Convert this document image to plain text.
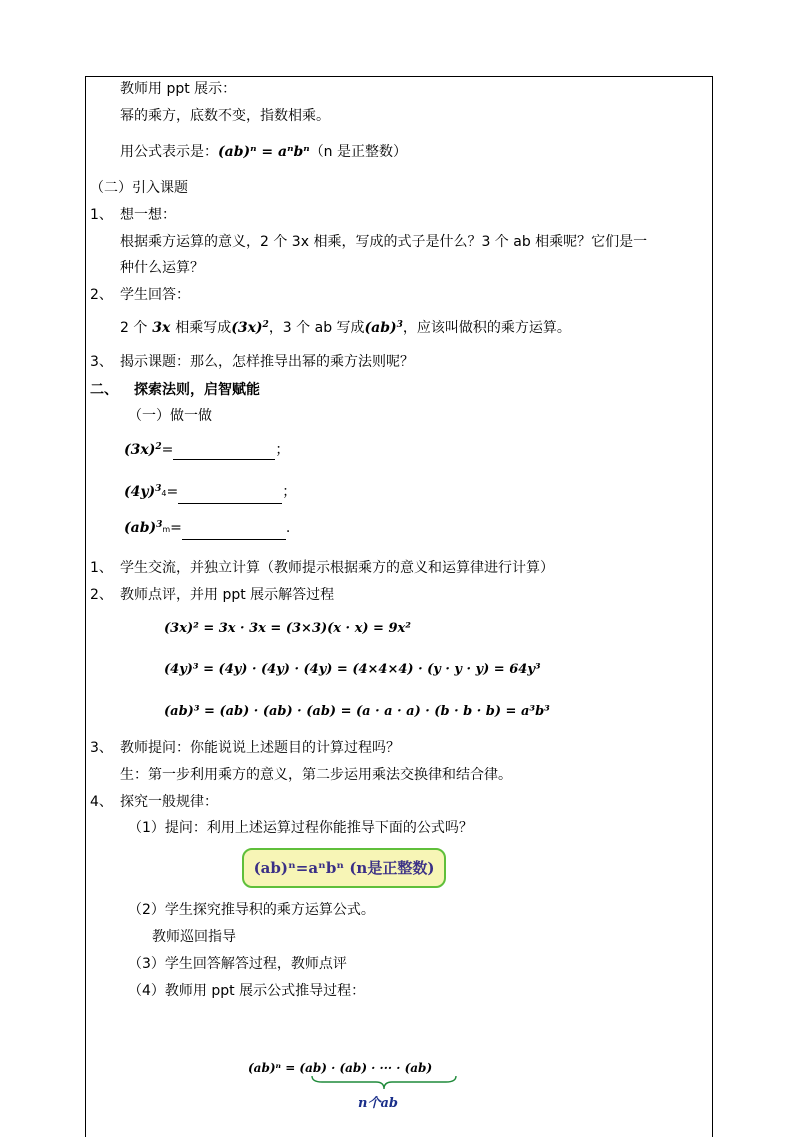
教师用 ppt 展示：
幂的乘方，底数不变，指数相乘。
用公式表示是：(ab)ⁿ = aⁿbⁿ（n 是正整数）
（二）引入课题
1、 想一想：
根据乘方运算的意义，2 个 3x 相乘，写成的式子是什么？3 个 ab 相乘呢？它们是一
种什么运算？
2、 学生回答：
2 个 3x 相乘写成$(3x)^2$，3 个 ab 写成(ab)$^3$，应该叫做积的乘方运算。
3、 揭示课题：那么，怎样推导出幂的乘方法则呢？
二、 探索法则，启智赋能
（一）做一做
$(3x)^2=$	；
$(4y)^34=$	；
(ab)$^3$m=	.
1、 学生交流，并独立计算（教师提示根据乘方的意义和运算律进行计算）
2、 教师点评，并用 ppt 展示解答过程
(3x)² = 3x · 3x = (3×3)(x · x) = 9x²
(4y)³ = (4y) · (4y) · (4y) = (4×4×4) · (y · y · y) = 64y³
(ab)³ = (ab) · (ab) · (ab) = (a · a · a) · (b · b · b) = a³b³
3、 教师提问：你能说说上述题目的计算过程吗？
生：第一步利用乘方的意义，第二步运用乘法交换律和结合律。
4、 探究一般规律：
（1）提问：利用上述运算过程你能推导下面的公式吗？
(ab)ⁿ=aⁿbⁿ (n是正整数)
（2）学生探究推导积的乘方运算公式。
教师巡回指导
（3）学生回答解答过程，教师点评
（4）教师用 ppt 展示公式推导过程：
(ab)ⁿ = (ab) · (ab) · ··· · (ab)
n个ab
